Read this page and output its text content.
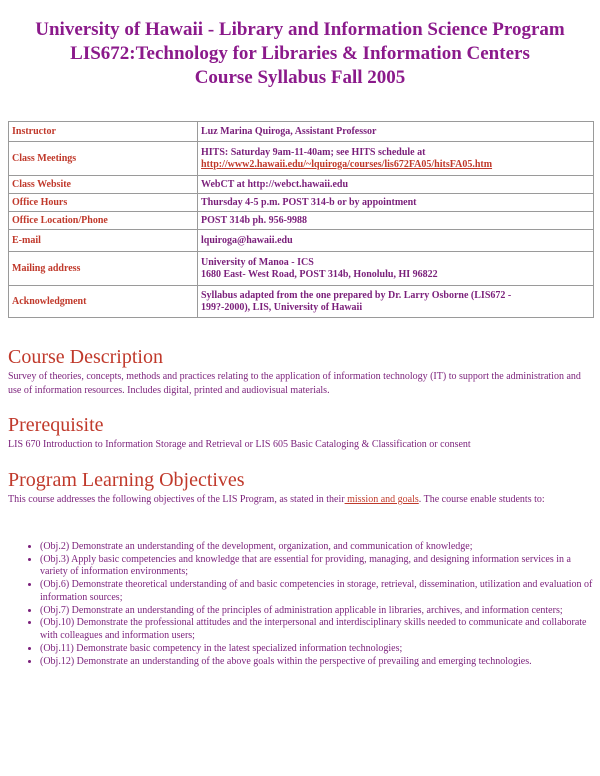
University of Hawaii - Library and Information Science Program
LIS672:Technology for Libraries & Information Centers
Course Syllabus Fall 2005
Instructor	Luz Marina Quiroga, Assistant Professor
Class Meetings	HITS: Saturday 9am-11-40am; see HITS schedule at
http://www2.hawaii.edu/~lquiroga/courses/lis672FA05/hitsFA05.htm

Class Website	WebCT at http://webct.hawaii.edu
Office Hours	Thursday 4-5 p.m. POST 314-b or by appointment
Office Location/Phone	POST 314b ph. 956-9988
E-mail	lquiroga@hawaii.edu
Mailing address	University of Manoa - ICS
1680 East- West Road, POST 314b, Honolulu, HI 96822

Acknowledgment	Syllabus adapted from the one prepared by Dr. Larry Osborne (LIS672 -
199?-2000), LIS, University of Hawaii
Course Description

Survey of theories, concepts, methods and practices relating to the application of information technology (IT) to support the administration and use of information resources. Includes digital, printed and audiovisual materials.

Prerequisite

LIS 670 Introduction to Information Storage and Retrieval or LIS 605 Basic Cataloging & Classification or consent

Program Learning Objectives

This course addresses the following objectives of the LIS Program, as stated in their mission and goals. The course enable students to:

• (Obj.2) Demonstrate an understanding of the development, organization, and communication of knowledge;
• (Obj.3) Apply basic competencies and knowledge that are essential for providing, managing, and designing information services in a variety of information environments;
• (Obj.6) Demonstrate theoretical understanding of and basic competencies in storage, retrieval, dissemination, utilization and evaluation of information sources;
• (Obj.7) Demonstrate an understanding of the principles of administration applicable in libraries, archives, and information centers;
• (Obj.10) Demonstrate the professional attitudes and the interpersonal and interdisciplinary skills needed to communicate and collaborate with colleagues and information users;
• (Obj.11) Demonstrate basic competency in the latest specialized information technologies;
• (Obj.12) Demonstrate an understanding of the above goals within the perspective of prevailing and emerging technologies.
